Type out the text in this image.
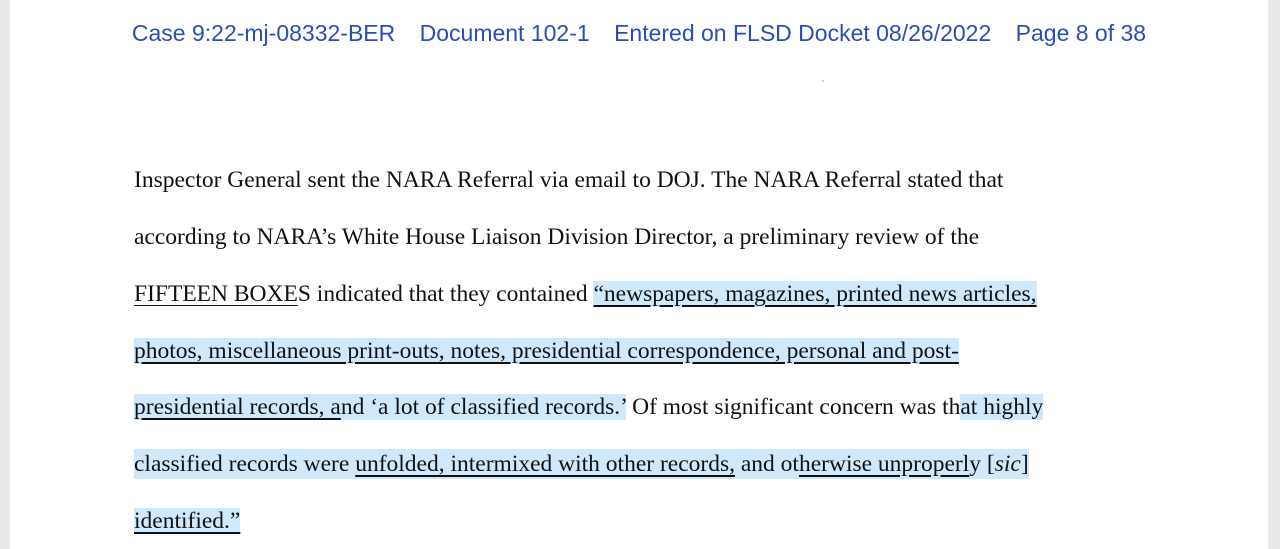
Case 9:22-mj-08332-BER Document 102-1 Entered on FLSD Docket 08/26/2022 Page 8 of 38
Inspector General sent the NARA Referral via email to DOJ. The NARA Referral stated that
according to NARA’s White House Liaison Division Director, a preliminary review of the
FIFTEEN BOXES indicated that they contained “newspapers, magazines, printed news articles,
photos, miscellaneous print-outs, notes, presidential correspondence, personal and post-
presidential records, and ‘a lot of classified records.’ Of most significant concern was that highly
classified records were unfolded, intermixed with other records, and otherwise unproperly [sic]
identified.”
